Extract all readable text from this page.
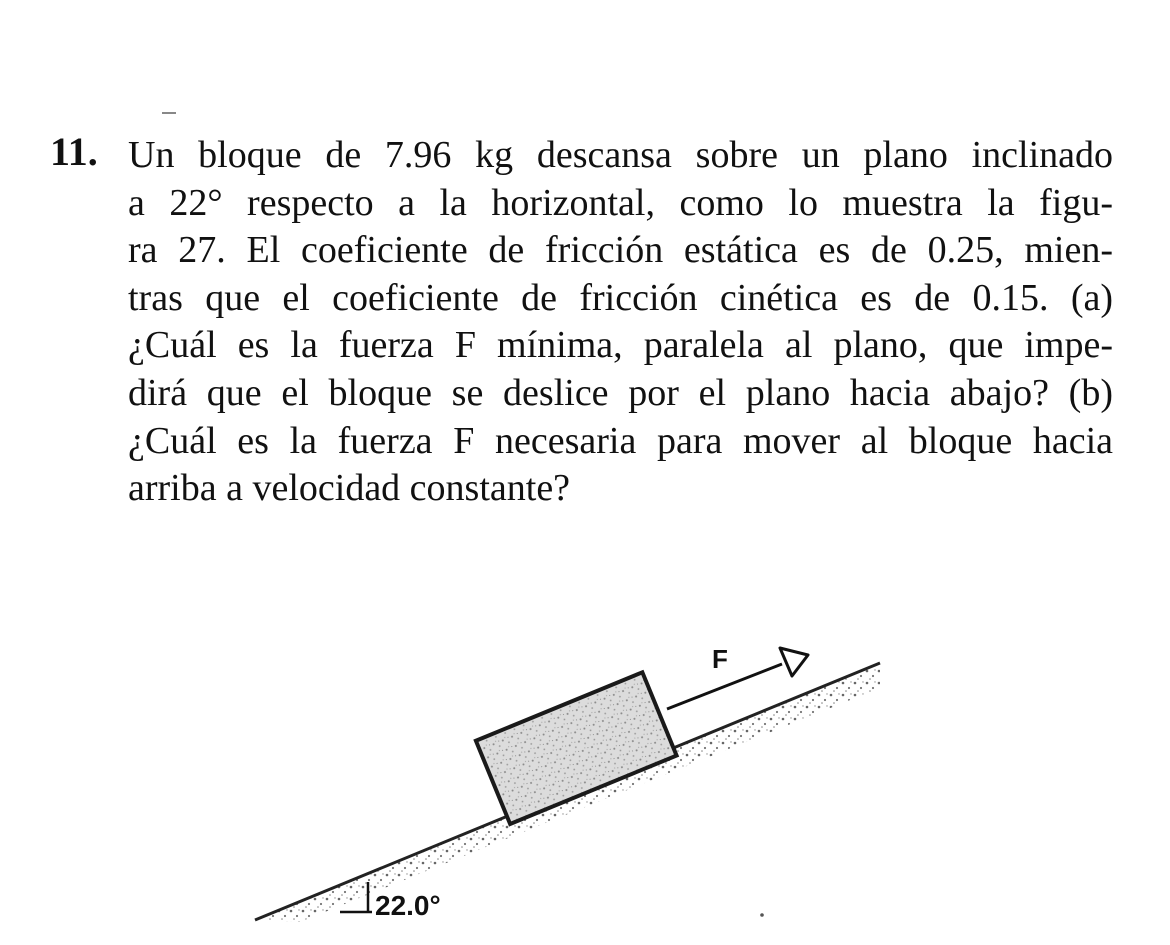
11. Un bloque de 7.96 kg descansa sobre un plano inclinado
a 22° respecto a la horizontal, como lo muestra la figu-
ra 27. El coeficiente de fricción estática es de 0.25, mien-
tras que el coeficiente de fricción cinética es de 0.15. (a)
¿Cuál es la fuerza F mínima, paralela al plano, que impe-
dirá que el bloque se deslice por el plano hacia abajo? (b)
¿Cuál es la fuerza F necesaria para mover al bloque hacia
arriba a velocidad constante?
F
22.0°
